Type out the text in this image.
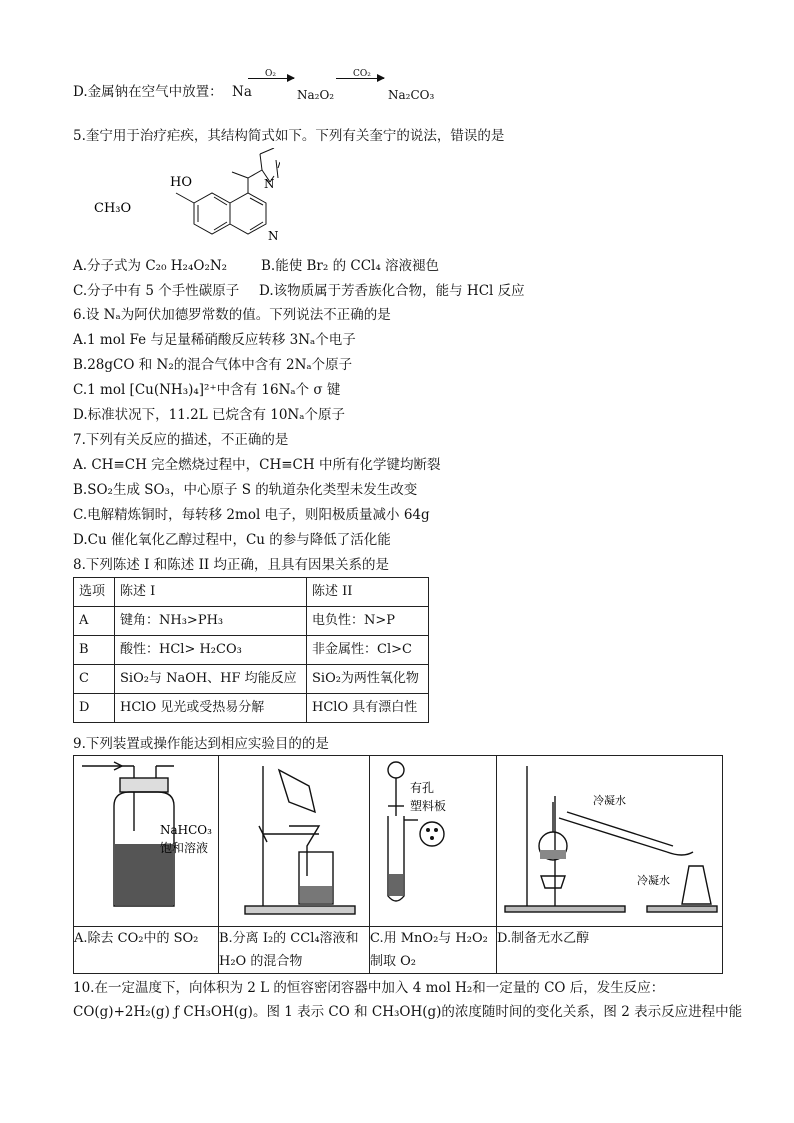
D.金属钠在空气中放置： Na
O₂
Na₂O₂
CO₂
Na₂CO₃
5.奎宁用于治疗疟疾，其结构简式如下。下列有关奎宁的说法，错误的是
HO	N
N
CH₃O
A.分子式为 C₂₀ H₂₄O₂N₂	B.能使 Br₂ 的 CCl₄ 溶液褪色
C.分子中有 5 个手性碳原子 D.该物质属于芳香族化合物，能与 HCl 反应
6.设 Nₐ为阿伏加德罗常数的值。下列说法不正确的是
A.1 mol Fe 与足量稀硝酸反应转移 3Nₐ个电子
B.28gCO 和 N₂的混合气体中含有 2Nₐ个原子
C.1 mol [Cu(NH₃)₄]²⁺中含有 16Nₐ个 σ 键
D.标准状况下，11.2L 已烷含有 10Nₐ个原子
7.下列有关反应的描述，不正确的是
A. CH≡CH 完全燃烧过程中，CH≡CH 中所有化学键均断裂
B.SO₂生成 SO₃，中心原子 S 的轨道杂化类型未发生改变
C.电解精炼铜时，每转移 2mol 电子，则阳极质量减小 64g
D.Cu 催化氧化乙醇过程中，Cu 的参与降低了活化能
8.下列陈述 I 和陈述 II 均正确，且具有因果关系的是
选项	陈述 I	陈述 II
A	键角：NH₃>PH₃	电负性：N>P
B	酸性：HCl> H₂CO₃	非金属性：Cl>C
C	SiO₂与 NaOH、HF 均能反应	SiO₂为两性氧化物
D	HClO 见光或受热易分解	HClO 具有漂白性
9.下列装置或操作能达到相应实验目的的是
NaHCO₃
饱和溶液		有孔
塑料板	冷凝水
冷凝水

A.除去 CO₂中的 SO₂	B.分离 I₂的 CCl₄溶液和 H₂O 的混合物	C.用 MnO₂与 H₂O₂制取 O₂	D.制备无水乙醇
10.在一定温度下，向体积为 2 L 的恒容密闭容器中加入 4 mol H₂和一定量的 CO 后，发生反应：
CO(g)+2H₂(g) ƒ CH₃OH(g)。图 1 表示 CO 和 CH₃OH(g)的浓度随时间的变化关系，图 2 表示反应进程中能
